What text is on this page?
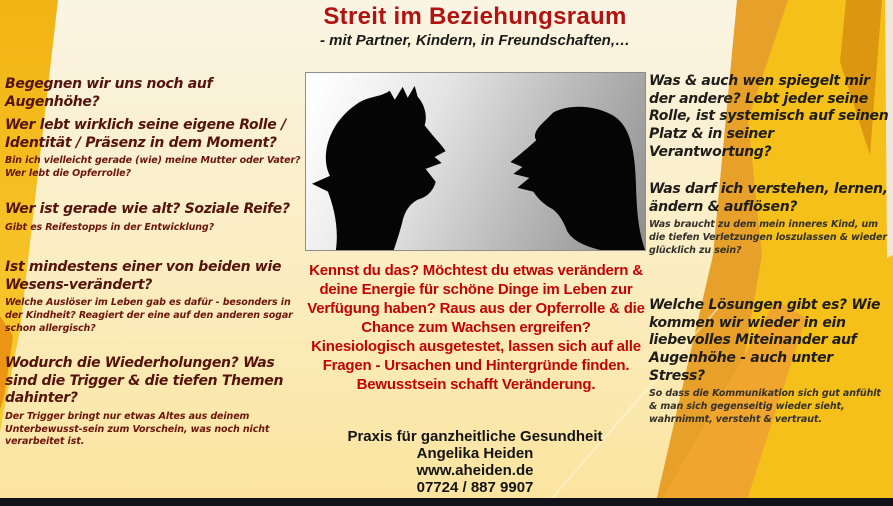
Streit im Beziehungsraum
- mit Partner, Kindern, in Freundschaften,…
Begegnen wir uns noch auf Augenhöhe?
Wer lebt wirklich seine eigene Rolle / Identität / Präsenz in dem Moment?

Bin ich vielleicht gerade (wie) meine Mutter oder Vater? Wer lebt die Opferrolle?

Wer ist gerade wie alt? Soziale Reife?

Gibt es Reifestopps in der Entwicklung?

Ist mindestens einer von beiden wie Wesens-verändert?

Welche Auslöser im Leben gab es dafür - besonders in der Kindheit? Reagiert der eine auf den anderen sogar schon allergisch?

Wodurch die Wiederholungen? Was sind die Trigger & die tiefen Themen dahinter?

Der Trigger bringt nur etwas Altes aus deinem Unterbewusst-sein zum Vorschein, was noch nicht verarbeitet ist.

Kennst du das? Möchtest du etwas verändern & deine Energie für schöne Dinge im Leben zur Verfügung haben? Raus aus der Opferrolle & die Chance zum Wachsen ergreifen?

Kinesiologisch ausgetestet, lassen sich auf alle Fragen - Ursachen und Hintergründe finden. Bewusstsein schafft Veränderung.

Was & auch wen spiegelt mir der andere? Lebt jeder seine Rolle, ist systemisch auf seinen Platz & in seiner Verantwortung?
Was darf ich verstehen, lernen, ändern & auflösen?

Was braucht zu dem mein inneres Kind, um die tiefen Verletzungen loszulassen & wieder glücklich zu sein?

Welche Lösungen gibt es? Wie kommen wir wieder in ein liebevolles Miteinander auf Augenhöhe - auch unter Stress?

So dass die Kommunikation sich gut anfühlt & man sich gegenseitig wieder sieht, wahrnimmt, versteht & vertraut.

Praxis für ganzheitliche Gesundheit
Angelika Heiden
www.aheiden.de
07724 / 887 9907
